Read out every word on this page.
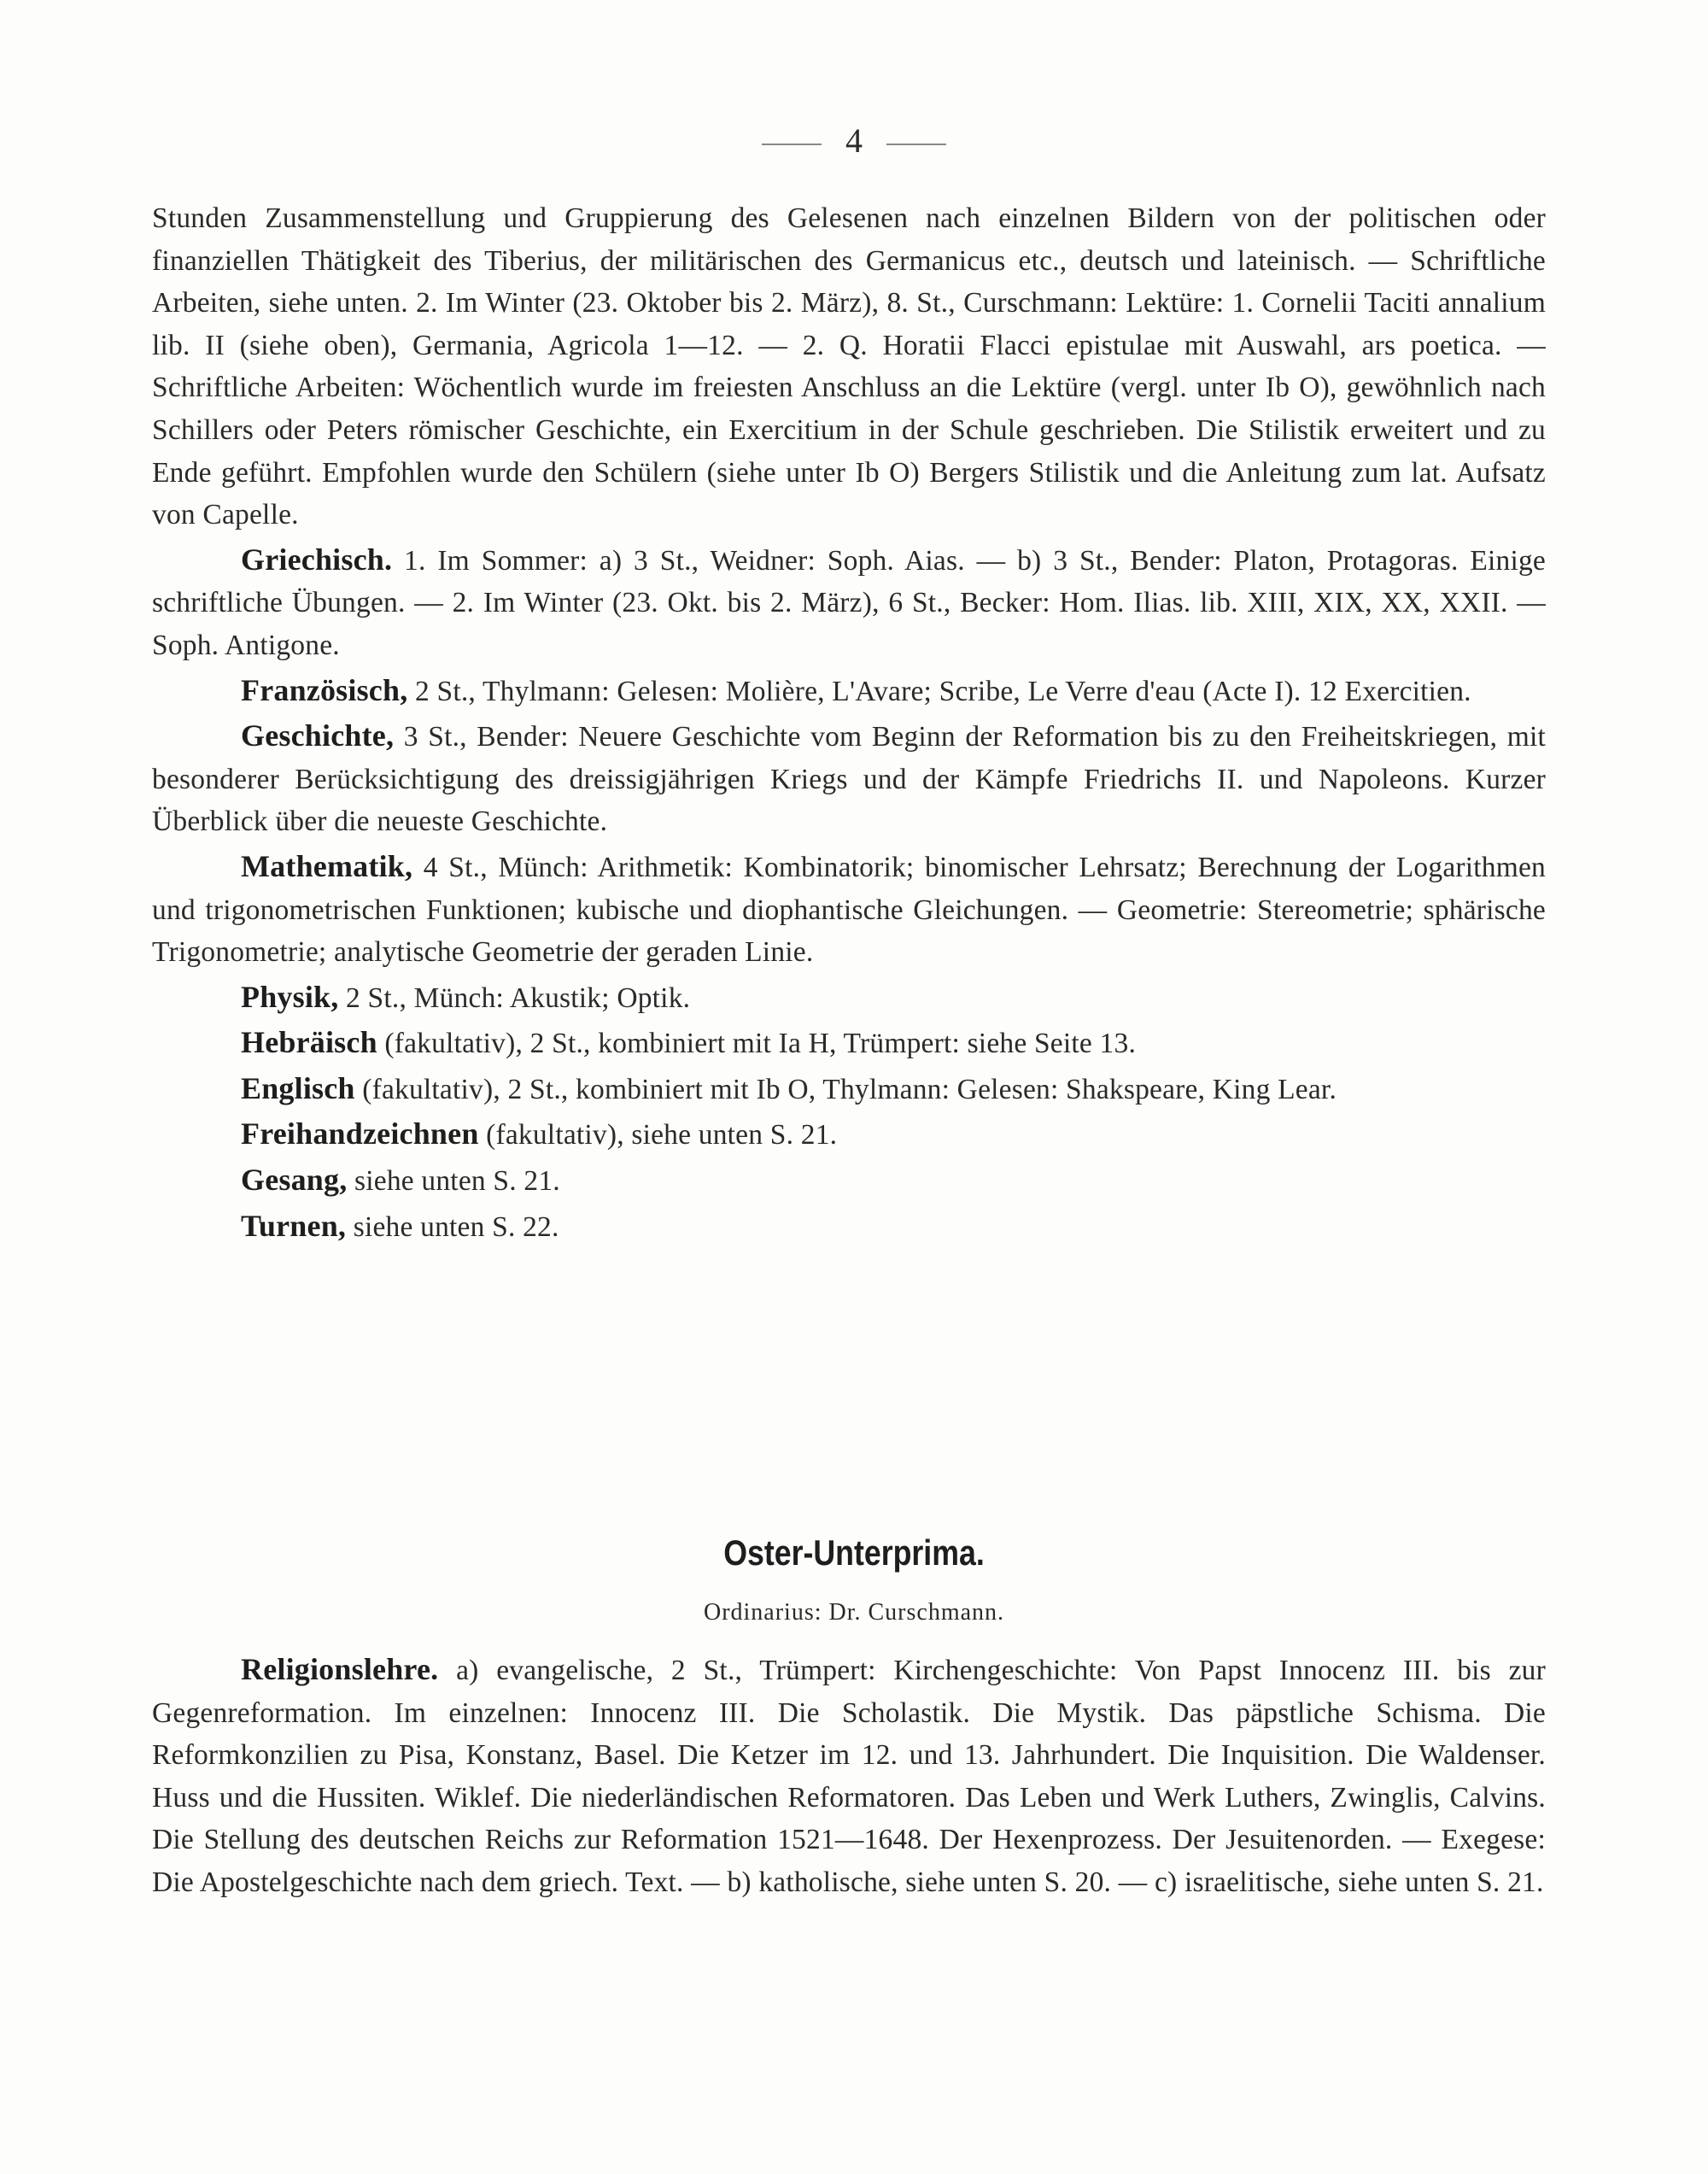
4

Stunden Zusammenstellung und Gruppierung des Gelesenen nach einzelnen Bildern von der politischen oder finanziellen Thätigkeit des Tiberius, der militärischen des Germanicus etc., deutsch und lateinisch. — Schriftliche Arbeiten, siehe unten. 2. Im Winter (23. Oktober bis 2. März), 8. St., Curschmann: Lektüre: 1. Cornelii Taciti annalium lib. II (siehe oben), Germania, Agricola 1—12. — 2. Q. Horatii Flacci epistulae mit Auswahl, ars poetica. — Schriftliche Arbeiten: Wöchentlich wurde im freiesten Anschluss an die Lektüre (vergl. unter Ib O), gewöhnlich nach Schillers oder Peters römischer Geschichte, ein Exercitium in der Schule geschrieben. Die Stilistik erweitert und zu Ende geführt. Empfohlen wurde den Schülern (siehe unter Ib O) Bergers Stilistik und die Anleitung zum lat. Aufsatz von Capelle.

Griechisch. 1. Im Sommer: a) 3 St., Weidner: Soph. Aias. — b) 3 St., Bender: Platon, Protagoras. Einige schriftliche Übungen. — 2. Im Winter (23. Okt. bis 2. März), 6 St., Becker: Hom. Ilias. lib. XIII, XIX, XX, XXII. — Soph. Antigone.

Französisch, 2 St., Thylmann: Gelesen: Molière, L'Avare; Scribe, Le Verre d'eau (Acte I). 12 Exercitien.

Geschichte, 3 St., Bender: Neuere Geschichte vom Beginn der Reformation bis zu den Freiheitskriegen, mit besonderer Berücksichtigung des dreissigjährigen Kriegs und der Kämpfe Friedrichs II. und Napoleons. Kurzer Überblick über die neueste Geschichte.

Mathematik, 4 St., Münch: Arithmetik: Kombinatorik; binomischer Lehrsatz; Berechnung der Logarithmen und trigonometrischen Funktionen; kubische und diophantische Gleichungen. — Geometrie: Stereometrie; sphärische Trigonometrie; analytische Geometrie der geraden Linie.

Physik, 2 St., Münch: Akustik; Optik.

Hebräisch (fakultativ), 2 St., kombiniert mit Ia H, Trümpert: siehe Seite 13.

Englisch (fakultativ), 2 St., kombiniert mit Ib O, Thylmann: Gelesen: Shakspeare, King Lear.

Freihandzeichnen (fakultativ), siehe unten S. 21.

Gesang, siehe unten S. 21.

Turnen, siehe unten S. 22.

Oster-Unterprima.
Ordinarius: Dr. Curschmann.

Religionslehre. a) evangelische, 2 St., Trümpert: Kirchengeschichte: Von Papst Innocenz III. bis zur Gegenreformation. Im einzelnen: Innocenz III. Die Scholastik. Die Mystik. Das päpstliche Schisma. Die Reformkonzilien zu Pisa, Konstanz, Basel. Die Ketzer im 12. und 13. Jahrhundert. Die Inquisition. Die Waldenser. Huss und die Hussiten. Wiklef. Die niederländischen Reformatoren. Das Leben und Werk Luthers, Zwinglis, Calvins. Die Stellung des deutschen Reichs zur Reformation 1521—1648. Der Hexenprozess. Der Jesuitenorden. — Exegese: Die Apostelgeschichte nach dem griech. Text. — b) katholische, siehe unten S. 20. — c) israelitische, siehe unten S. 21.
